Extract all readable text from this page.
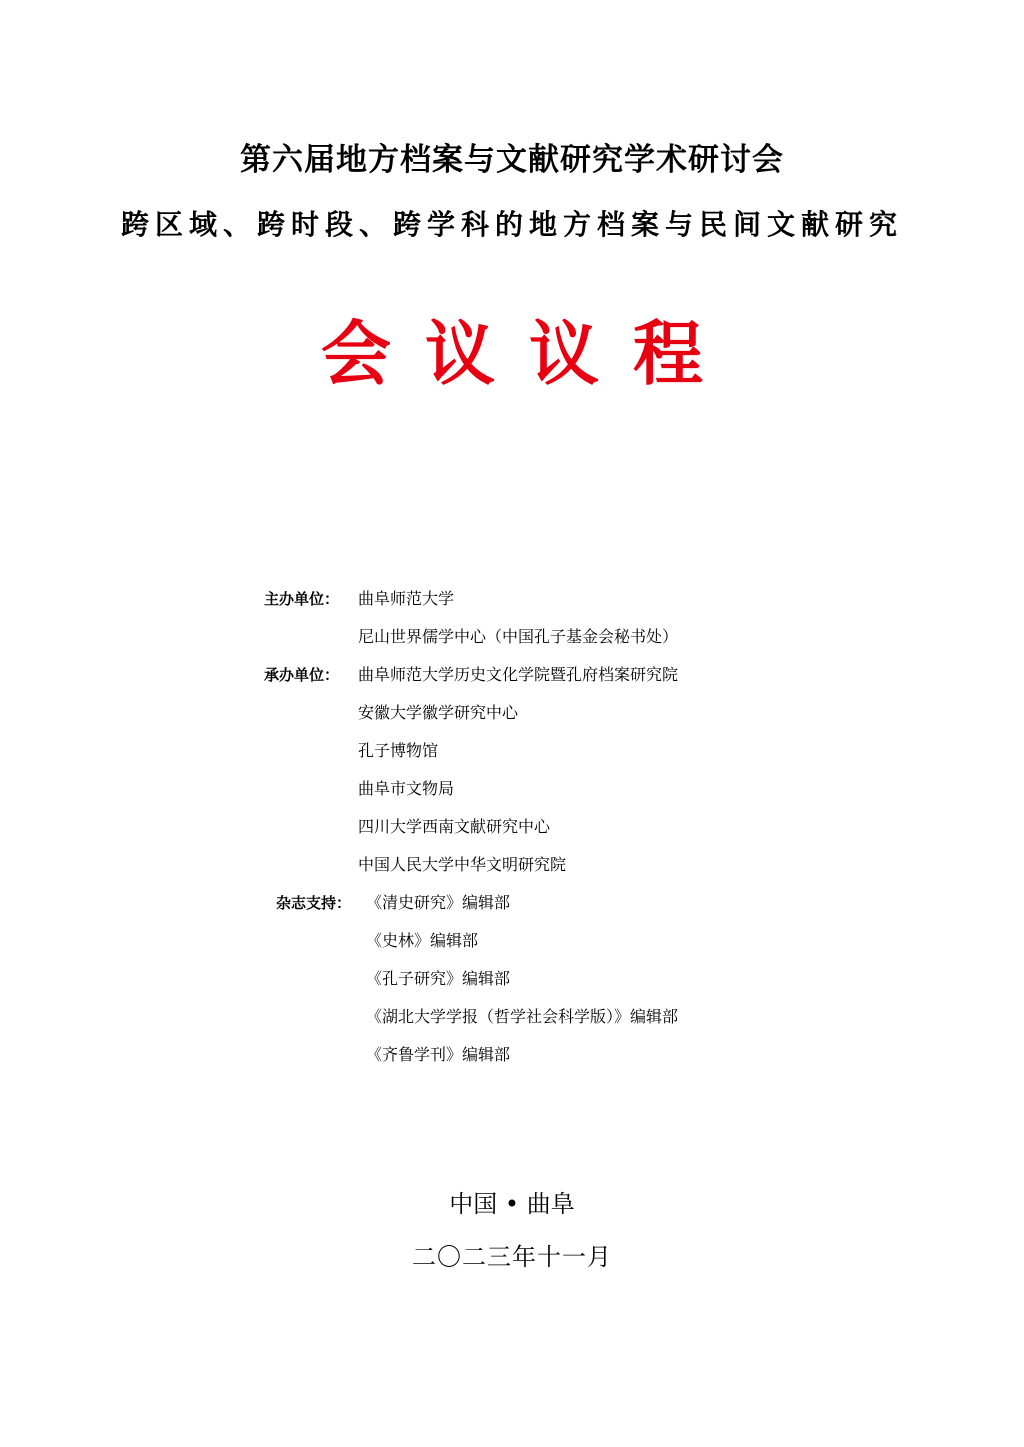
第六届地方档案与文献研究学术研讨会
跨区域、跨时段、跨学科的地方档案与民间文献研究
会议议程
主办单位： 曲阜师范大学
尼山世界儒学中心（中国孔子基金会秘书处）
承办单位： 曲阜师范大学历史文化学院暨孔府档案研究院
安徽大学徽学研究中心
孔子博物馆
曲阜市文物局
四川大学西南文献研究中心
中国人民大学中华文明研究院
杂志支持： 《清史研究》编辑部
《史林》编辑部
《孔子研究》编辑部
《湖北大学学报（哲学社会科学版）》编辑部
《齐鲁学刊》编辑部
中国 • 曲阜
二〇二三年十一月
